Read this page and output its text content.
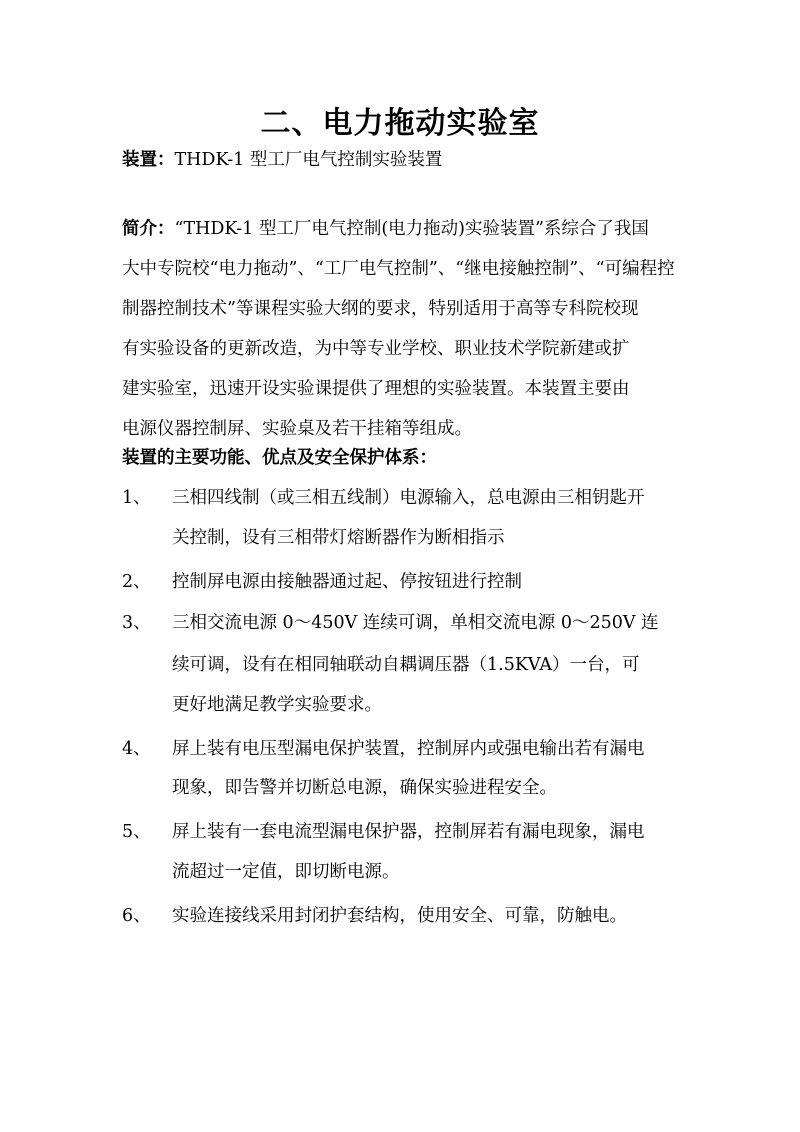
二、电力拖动实验室
装置：THDK-1 型工厂电气控制实验装置
简介：“THDK-1 型工厂电气控制(电力拖动)实验装置”系综合了我国
大中专院校“电力拖动”、“工厂电气控制”、“继电接触控制”、“可编程控
制器控制技术”等课程实验大纲的要求，特别适用于高等专科院校现
有实验设备的更新改造，为中等专业学校、职业技术学院新建或扩
建实验室，迅速开设实验课提供了理想的实验装置。本装置主要由
电源仪器控制屏、实验桌及若干挂箱等组成。
装置的主要功能、优点及安全保护体系：
1、 三相四线制（或三相五线制）电源输入，总电源由三相钥匙开
关控制，设有三相带灯熔断器作为断相指示
2、 控制屏电源由接触器通过起、停按钮进行控制
3、 三相交流电源 0～450V 连续可调，单相交流电源 0～250V 连
续可调，设有在相同轴联动自耦调压器（1.5KVA）一台，可
更好地满足教学实验要求。
4、 屏上装有电压型漏电保护装置，控制屏内或强电输出若有漏电
现象，即告警并切断总电源，确保实验进程安全。
5、 屏上装有一套电流型漏电保护器，控制屏若有漏电现象，漏电
流超过一定值，即切断电源。
6、 实验连接线采用封闭护套结构，使用安全、可靠，防触电。
